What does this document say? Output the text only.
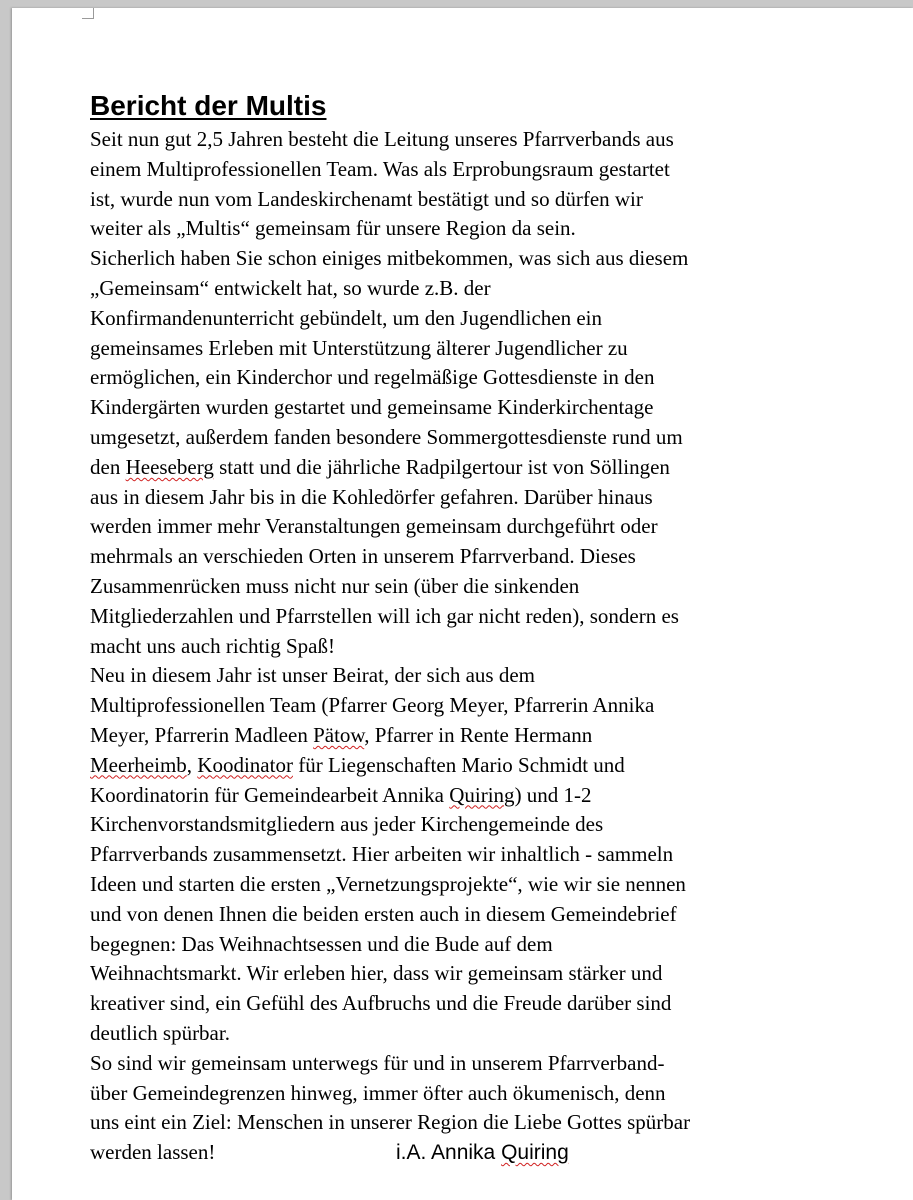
Bericht der Multis

Seit nun gut 2,5 Jahren besteht die Leitung unseres Pfarrverbands aus
einem Multiprofessionellen Team. Was als Erprobungsraum gestartet
ist, wurde nun vom Landeskirchenamt bestätigt und so dürfen wir
weiter als „Multis“ gemeinsam für unsere Region da sein.

Sicherlich haben Sie schon einiges mitbekommen, was sich aus diesem
„Gemeinsam“ entwickelt hat, so wurde z.B. der
Konfirmandenunterricht gebündelt, um den Jugendlichen ein
gemeinsames Erleben mit Unterstützung älterer Jugendlicher zu
ermöglichen, ein Kinderchor und regelmäßige Gottesdienste in den
Kindergärten wurden gestartet und gemeinsame Kinderkirchentage
umgesetzt, außerdem fanden besondere Sommergottesdienste rund um
den Heeseberg statt und die jährliche Radpilgertour ist von Söllingen
aus in diesem Jahr bis in die Kohledörfer gefahren. Darüber hinaus
werden immer mehr Veranstaltungen gemeinsam durchgeführt oder
mehrmals an verschieden Orten in unserem Pfarrverband. Dieses
Zusammenrücken muss nicht nur sein (über die sinkenden
Mitgliederzahlen und Pfarrstellen will ich gar nicht reden), sondern es
macht uns auch richtig Spaß!

Neu in diesem Jahr ist unser Beirat, der sich aus dem
Multiprofessionellen Team (Pfarrer Georg Meyer, Pfarrerin Annika
Meyer, Pfarrerin Madleen Pätow, Pfarrer in Rente Hermann
Meerheimb, Koodinator für Liegenschaften Mario Schmidt und
Koordinatorin für Gemeindearbeit Annika Quiring) und 1-2
Kirchenvorstandsmitgliedern aus jeder Kirchengemeinde des
Pfarrverbands zusammensetzt. Hier arbeiten wir inhaltlich - sammeln
Ideen und starten die ersten „Vernetzungsprojekte“, wie wir sie nennen
und von denen Ihnen die beiden ersten auch in diesem Gemeindebrief
begegnen: Das Weihnachtsessen und die Bude auf dem
Weihnachtsmarkt. Wir erleben hier, dass wir gemeinsam stärker und
kreativer sind, ein Gefühl des Aufbruchs und die Freude darüber sind
deutlich spürbar.

So sind wir gemeinsam unterwegs für und in unserem Pfarrverband-
über Gemeindegrenzen hinweg, immer öfter auch ökumenisch, denn
uns eint ein Ziel: Menschen in unserer Region die Liebe Gottes spürbar

werden lassen!	i.A. Annika Quiring
